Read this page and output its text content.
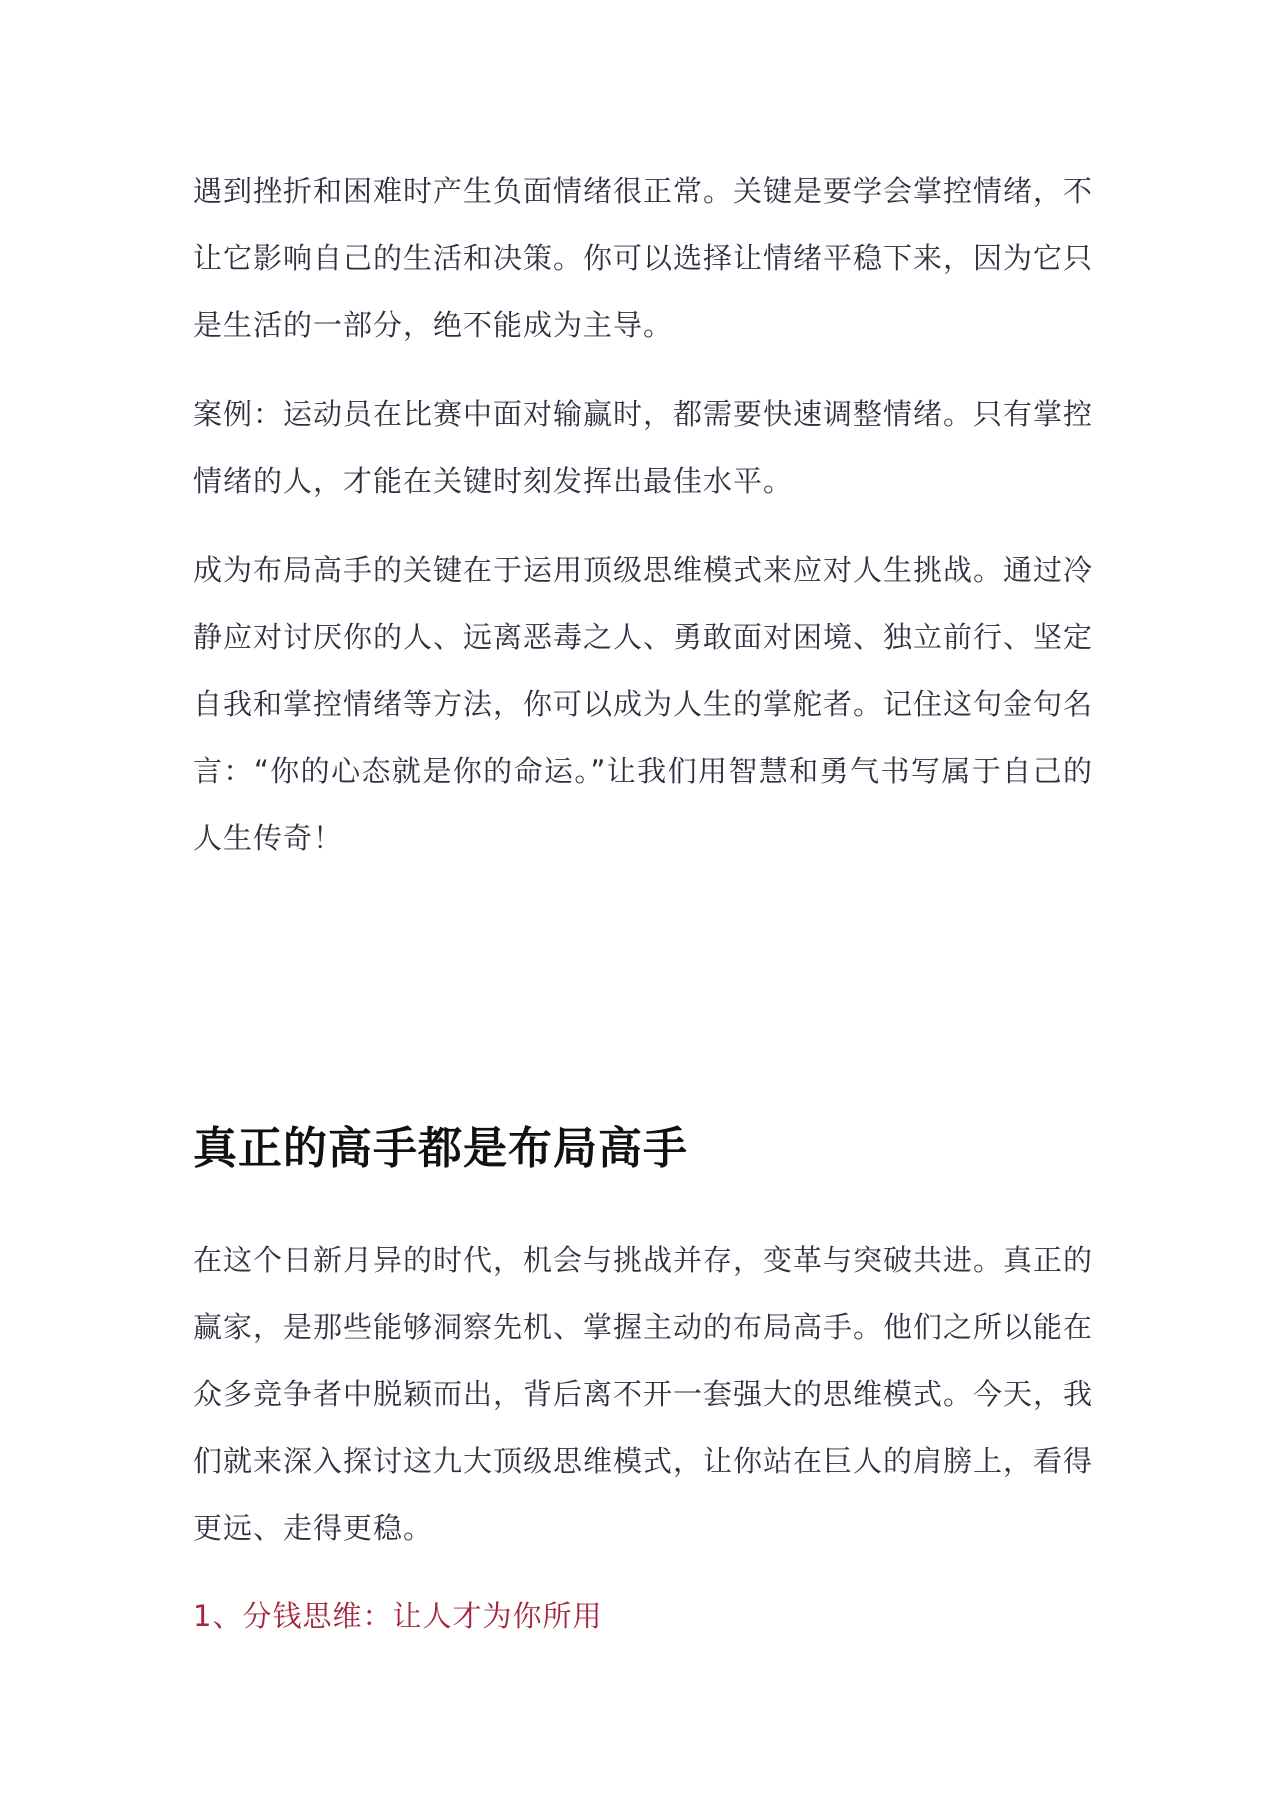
遇到挫折和困难时产生负面情绪很正常。关键是要学会掌控情绪，不让它影响自己的生活和决策。你可以选择让情绪平稳下来，因为它只是生活的一部分，绝不能成为主导。

案例：运动员在比赛中面对输赢时，都需要快速调整情绪。只有掌控情绪的人，才能在关键时刻发挥出最佳水平。

成为布局高手的关键在于运用顶级思维模式来应对人生挑战。通过冷静应对讨厌你的人、远离恶毒之人、勇敢面对困境、独立前行、坚定自我和掌控情绪等方法，你可以成为人生的掌舵者。记住这句金句名言：“你的心态就是你的命运。”让我们用智慧和勇气书写属于自己的人生传奇！

真正的高手都是布局高手

在这个日新月异的时代，机会与挑战并存，变革与突破共进。真正的赢家，是那些能够洞察先机、掌握主动的布局高手。他们之所以能在众多竞争者中脱颖而出，背后离不开一套强大的思维模式。今天，我们就来深入探讨这九大顶级思维模式，让你站在巨人的肩膀上，看得更远、走得更稳。

1、分钱思维：让人才为你所用
